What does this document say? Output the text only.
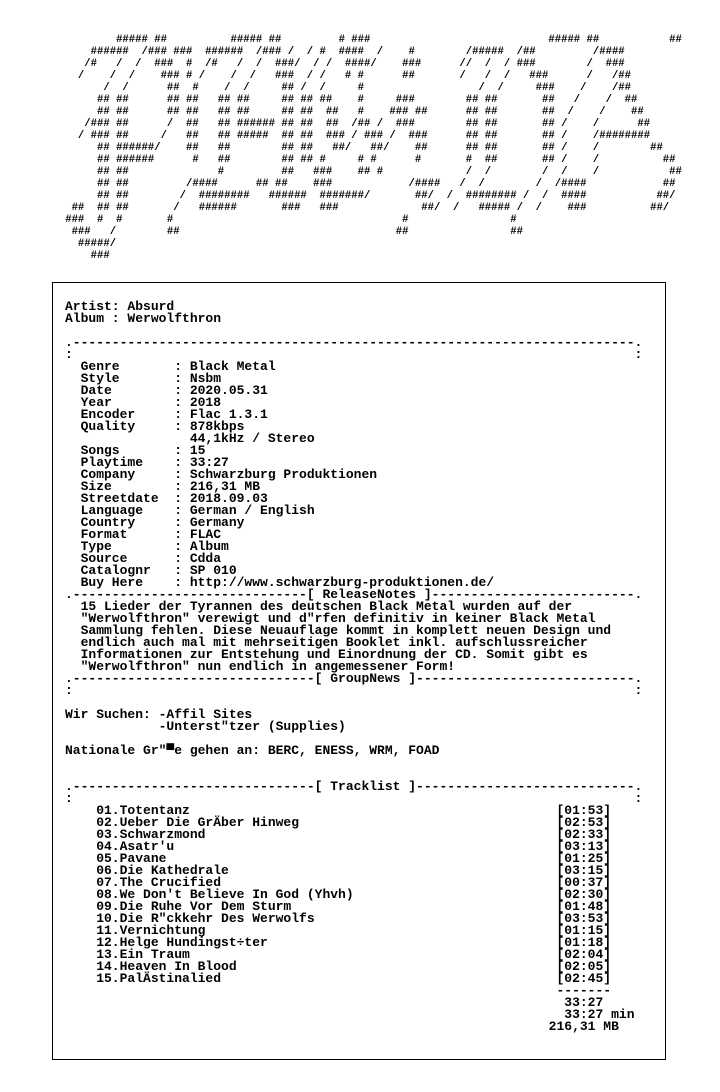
##### ##          ##### ##         # ###                            ##### ##           ##
######  /### ###  ######  /### /  / #  ####  /    #        /#####  /##         /####
/#   /  /  ###  #  /#   /  /  ###/  / /  ####/    ###      //  /  / ###        /  ###
/    /  /    ### # /    /  /   ###  / /   # #      ##       /   /  /   ###      /   /##
/  /      ##  #    /  /     ## /  /     #                  /  /     ###    /    /##
## ##      ## ##   ## ##     ## ## ##    #     ###        ## ##       ##   /    /  ##
## ##      ## ##   ## ##     ## ##  ##   #    ### ##      ## ##       ##  /    /    ##
/### ##      /  ##   ## ###### ## ##  ##  /## /  ###        ## ##       ## /    /      ##
/ ### ##     /   ##   ## #####  ## ##  ### / ### /  ###      ## ##       ## /    /########
## ######/    ##   ##        ## ##   ##/   ##/    ##      ## ##       ## /    /        ##
## ######      #   ##        ## ## #     # #      #       #  ##       ## /    /          ##
## ##              #         ##   ###    ## #             /  /        /  /    /           ##
## ##         /####      ## ##    ###            /####   /  /        /  /####            ##
## ##        /  ########   ######  #######/       ##/  /  ######## /  /  ####           ##/
##  ## ##       /   ######       ###   ###             ##/  /   ##### /  /    ###          ##/
###  #  #       #                                    #                #
###   /        ##                                  ##                ##
#####/
###
Artist: Absurd
Album : Werwolfthron

.------------------------------------------------------------------------.
:                                                                        :
Genre       : Black Metal
Style       : Nsbm
Date        : 2020.05.31
Year        : 2018
Encoder     : Flac 1.3.1
Quality     : 878kbps
44,1kHz / Stereo
Songs       : 15
Playtime    : 33:27
Company     : Schwarzburg Produktionen
Size        : 216,31 MB
Streetdate  : 2018.09.03
Language    : German / English
Country     : Germany
Format      : FLAC
Type        : Album
Source      : Cdda
Catalognr   : SP 010
Buy Here    : http://www.schwarzburg-produktionen.de/
.------------------------------[ ReleaseNotes ]--------------------------.
15 Lieder der Tyrannen des deutschen Black Metal wurden auf der
"Werwolfthron" verewigt und d"rfen definitiv in keiner Black Metal
Sammlung fehlen. Diese Neuauflage kommt in komplett neuen Design und
endlich auch mal mit mehrseitigen Booklet inkl. aufschlussreicher
Informationen zur Entstehung und Einordnung der CD. Somit gibt es
"Werwolfthron" nun endlich in angemessener Form!
.-------------------------------[ GroupNews ]----------------------------.
:                                                                        :

Wir Suchen: -Affil Sites
-Unterst"tzer (Supplies)

Nationale Gr"▀e gehen an: BERC, ENESS, WRM, FOAD

.-------------------------------[ Tracklist ]----------------------------.
:                                                                        :
01.Totentanz                                               [01:53]
02.Ueber Die GrÄber Hinweg                                 [02:53]
03.Schwarzmond                                             [02:33]
04.Asatr'u                                                 [03:13]
05.Pavane                                                  [01:25]
06.Die Kathedrale                                          [03:15]
07.The Crucified                                           [00:37]
08.We Don't Believe In God (Yhvh)                          [02:30]
09.Die Ruhe Vor Dem Sturm                                  [01:48]
10.Die R"ckkehr Des Werwolfs                               [03:53]
11.Vernichtung                                             [01:15]
12.Helge Hundingst÷ter                                     [01:18]
13.Ein Traum                                               [02:04]
14.Heaven In Blood                                         [02:05]
15.PalÄstinalied                                           [02:45]
-------
33:27
33:27 min
216,31 MB
